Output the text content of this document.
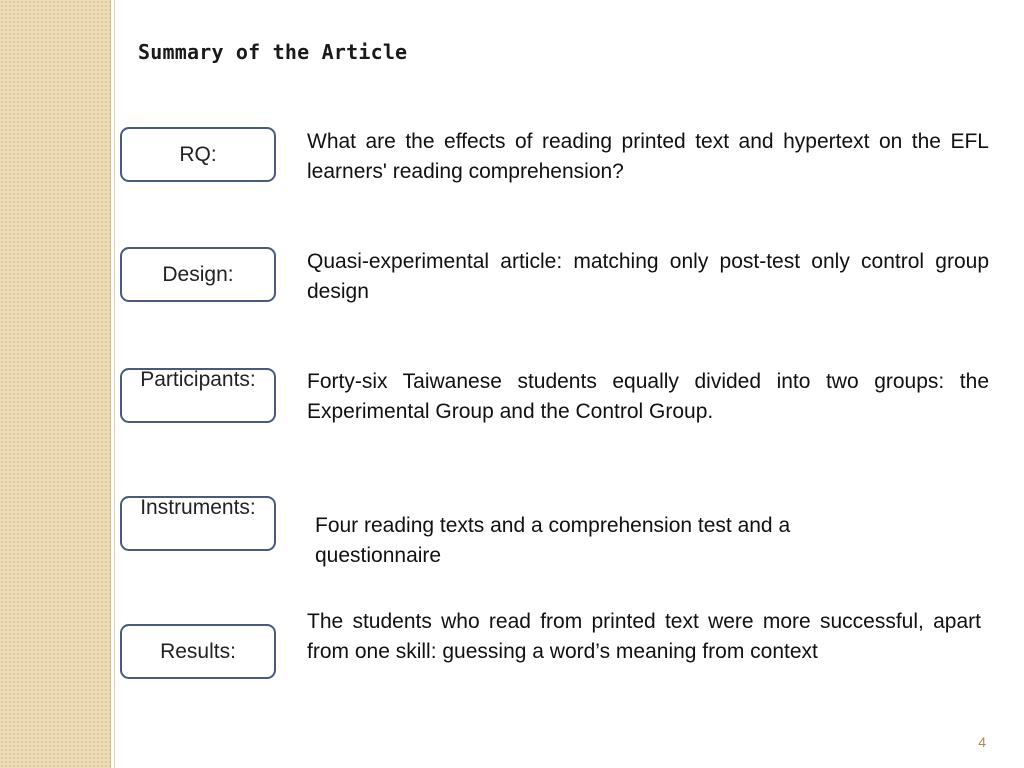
Summary of the Article
RQ:
What are the effects of reading printed text and hypertext on the EFL learners' reading comprehension?
Design:
Quasi-experimental article: matching only post-test only control group design
Participants: Forty-six Taiwanese students equally divided into two groups: the Experimental Group and the Control Group.
Instruments:
Four reading texts and a comprehension test and a questionnaire
Results:
The students who read from printed text were more successful, apart from one skill: guessing a word’s meaning from context
4
